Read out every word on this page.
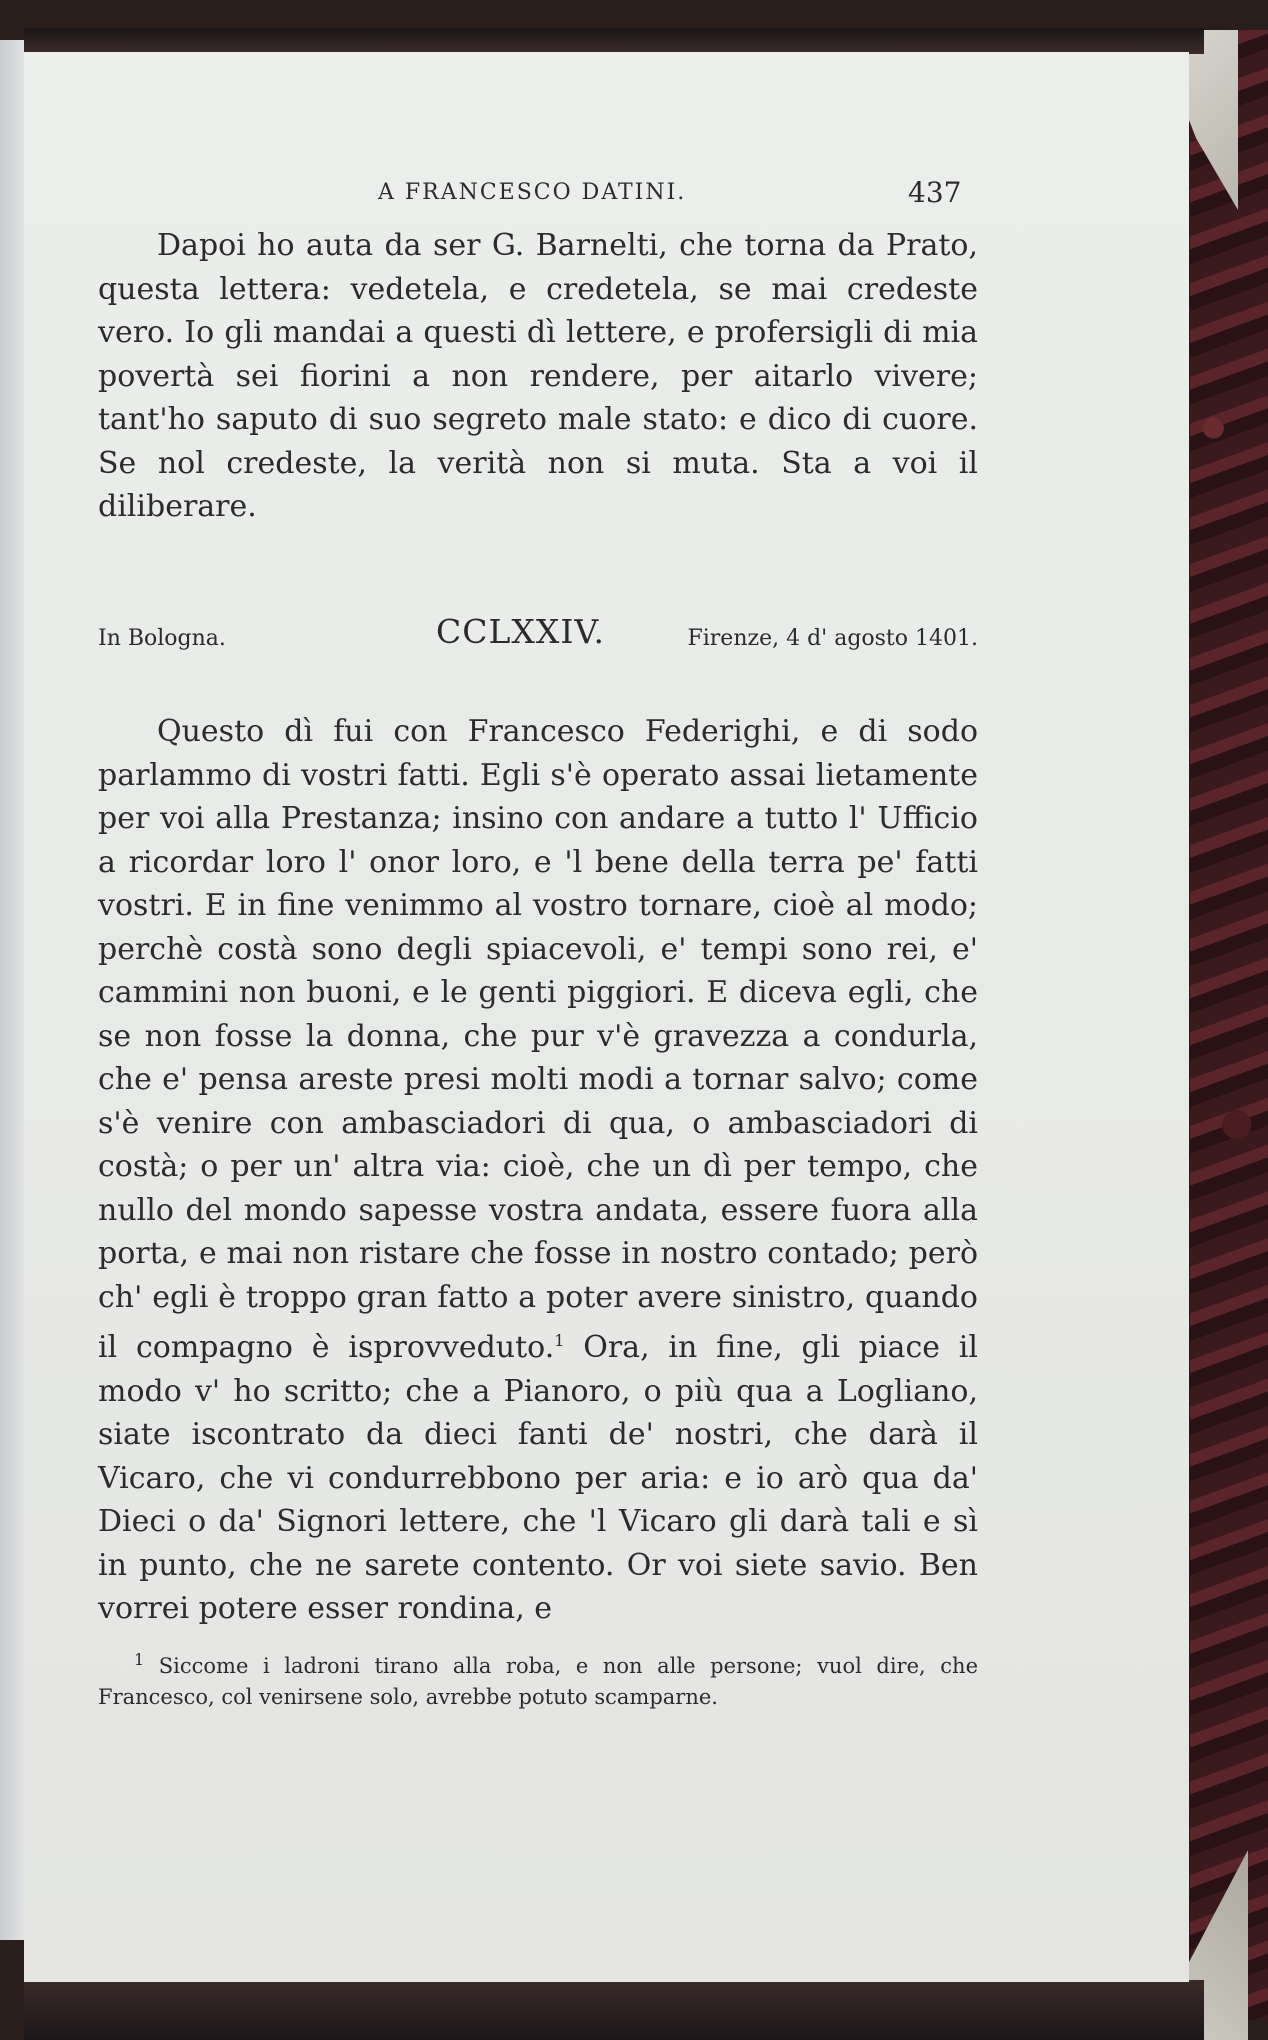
A FRANCESCO DATINI.	437

Dapoi ho auta da ser G. Barnelti, che torna da Prato, questa lettera: vedetela, e credetela, se mai credeste vero. Io gli mandai a questi dì lettere, e profersigli di mia povertà sei fiorini a non rendere, per aitarlo vivere; tant'ho saputo di suo segreto male stato: e dico di cuore. Se nol credeste, la verità non si muta. Sta a voi il diliberare.

In Bologna.	CCLXXIV.	Firenze, 4 d' agosto 1401.

Questo dì fui con Francesco Federighi, e di sodo parlammo di vostri fatti. Egli s'è operato assai lietamente per voi alla Prestanza; insino con andare a tutto l' Ufficio a ricordar loro l' onor loro, e 'l bene della terra pe' fatti vostri. E in fine venimmo al vostro tornare, cioè al modo; perchè costà sono degli spiacevoli, e' tempi sono rei, e' cammini non buoni, e le genti piggiori. E diceva egli, che se non fosse la donna, che pur v'è gravezza a condurla, che e' pensa areste presi molti modi a tornar salvo; come s'è venire con ambasciadori di qua, o ambasciadori di costà; o per un' altra via: cioè, che un dì per tempo, che nullo del mondo sapesse vostra andata, essere fuora alla porta, e mai non ristare che fosse in nostro contado; però ch' egli è troppo gran fatto a poter avere sinistro, quando il compagno è isprovveduto.$^1$ Ora, in fine, gli piace il modo v' ho scritto; che a Pianoro, o più qua a Logliano, siate iscontrato da dieci fanti de' nostri, che darà il Vicaro, che vi condurrebbono per aria: e io arò qua da' Dieci o da' Signori lettere, che 'l Vicaro gli darà tali e sì in punto, che ne sarete contento. Or voi siete savio. Ben vorrei potere esser rondina, e

$^1$ Siccome i ladroni tirano alla roba, e non alle persone; vuol dire, che Francesco, col venirsene solo, avrebbe potuto scamparne.
